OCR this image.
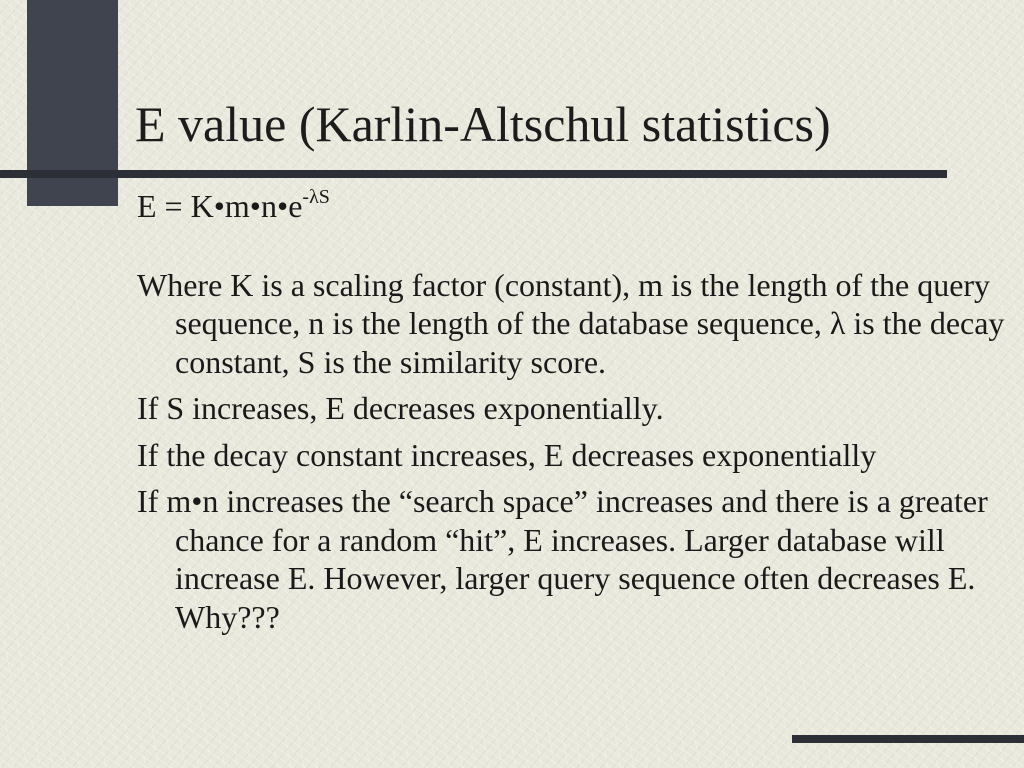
E value (Karlin-Altschul statistics)
$E = K•m•n•e^{-\lambda S}$

Where K is a scaling factor (constant), m is the length of the query sequence, n is the length of the database sequence, λ is the decay constant, S is the similarity score.

If S increases, E decreases exponentially.

If the decay constant increases, E decreases exponentially

If m•n increases the “search space” increases and there is a greater chance for a random “hit”, E increases. Larger database will increase E. However, larger query sequence often decreases E. Why???
